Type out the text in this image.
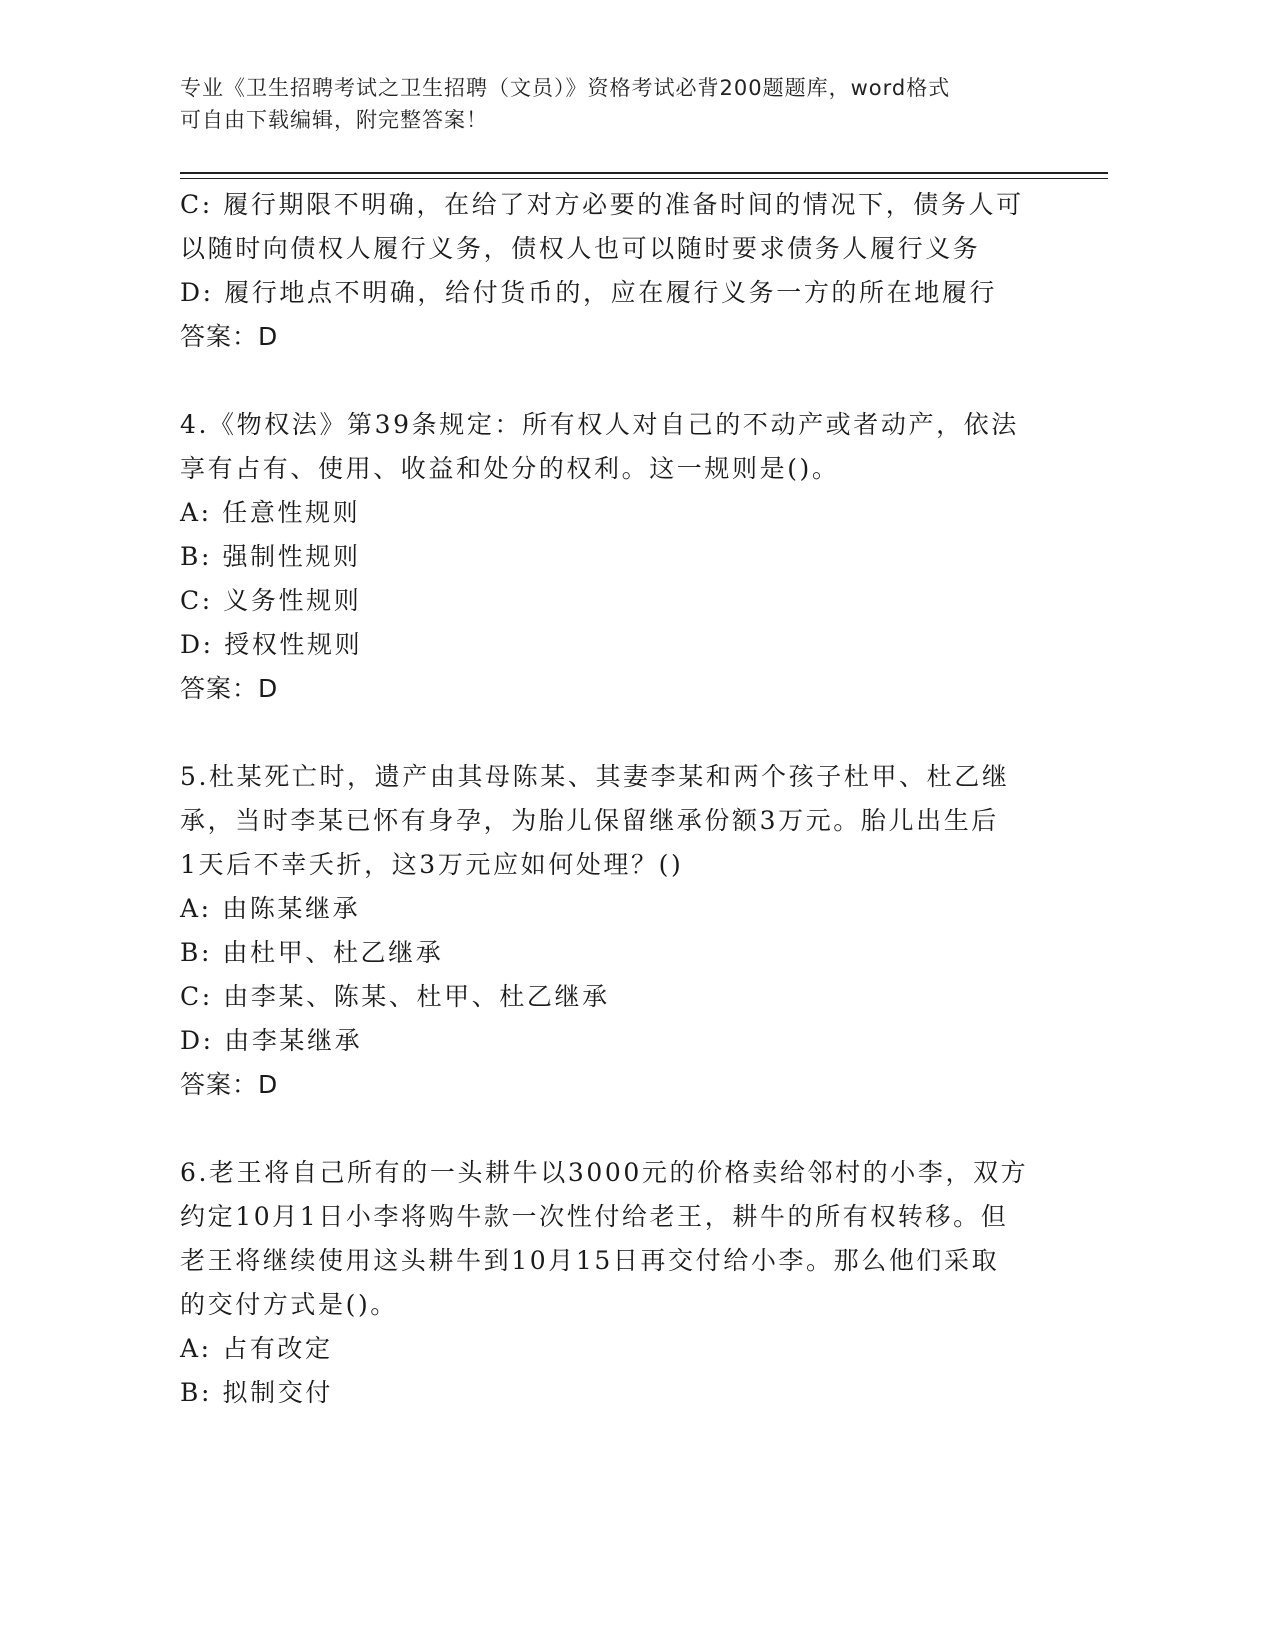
专业《卫生招聘考试之卫生招聘（文员）》资格考试必背200题题库，word格式
可自由下载编辑，附完整答案！
C: 履行期限不明确，在给了对方必要的准备时间的情况下，债务人可
以随时向债权人履行义务，债权人也可以随时要求债务人履行义务
D: 履行地点不明确，给付货币的，应在履行义务一方的所在地履行
答案：D
4.《物权法》第39条规定：所有权人对自己的不动产或者动产，依法
享有占有、使用、收益和处分的权利。这一规则是()。
A: 任意性规则
B: 强制性规则
C: 义务性规则
D: 授权性规则
答案：D
5.杜某死亡时，遗产由其母陈某、其妻李某和两个孩子杜甲、杜乙继
承，当时李某已怀有身孕，为胎儿保留继承份额3万元。胎儿出生后
1天后不幸夭折，这3万元应如何处理？()
A: 由陈某继承
B: 由杜甲、杜乙继承
C: 由李某、陈某、杜甲、杜乙继承
D: 由李某继承
答案：D
6.老王将自己所有的一头耕牛以3000元的价格卖给邻村的小李，双方
约定10月1日小李将购牛款一次性付给老王，耕牛的所有权转移。但
老王将继续使用这头耕牛到10月15日再交付给小李。那么他们采取
的交付方式是()。
A: 占有改定
B: 拟制交付
